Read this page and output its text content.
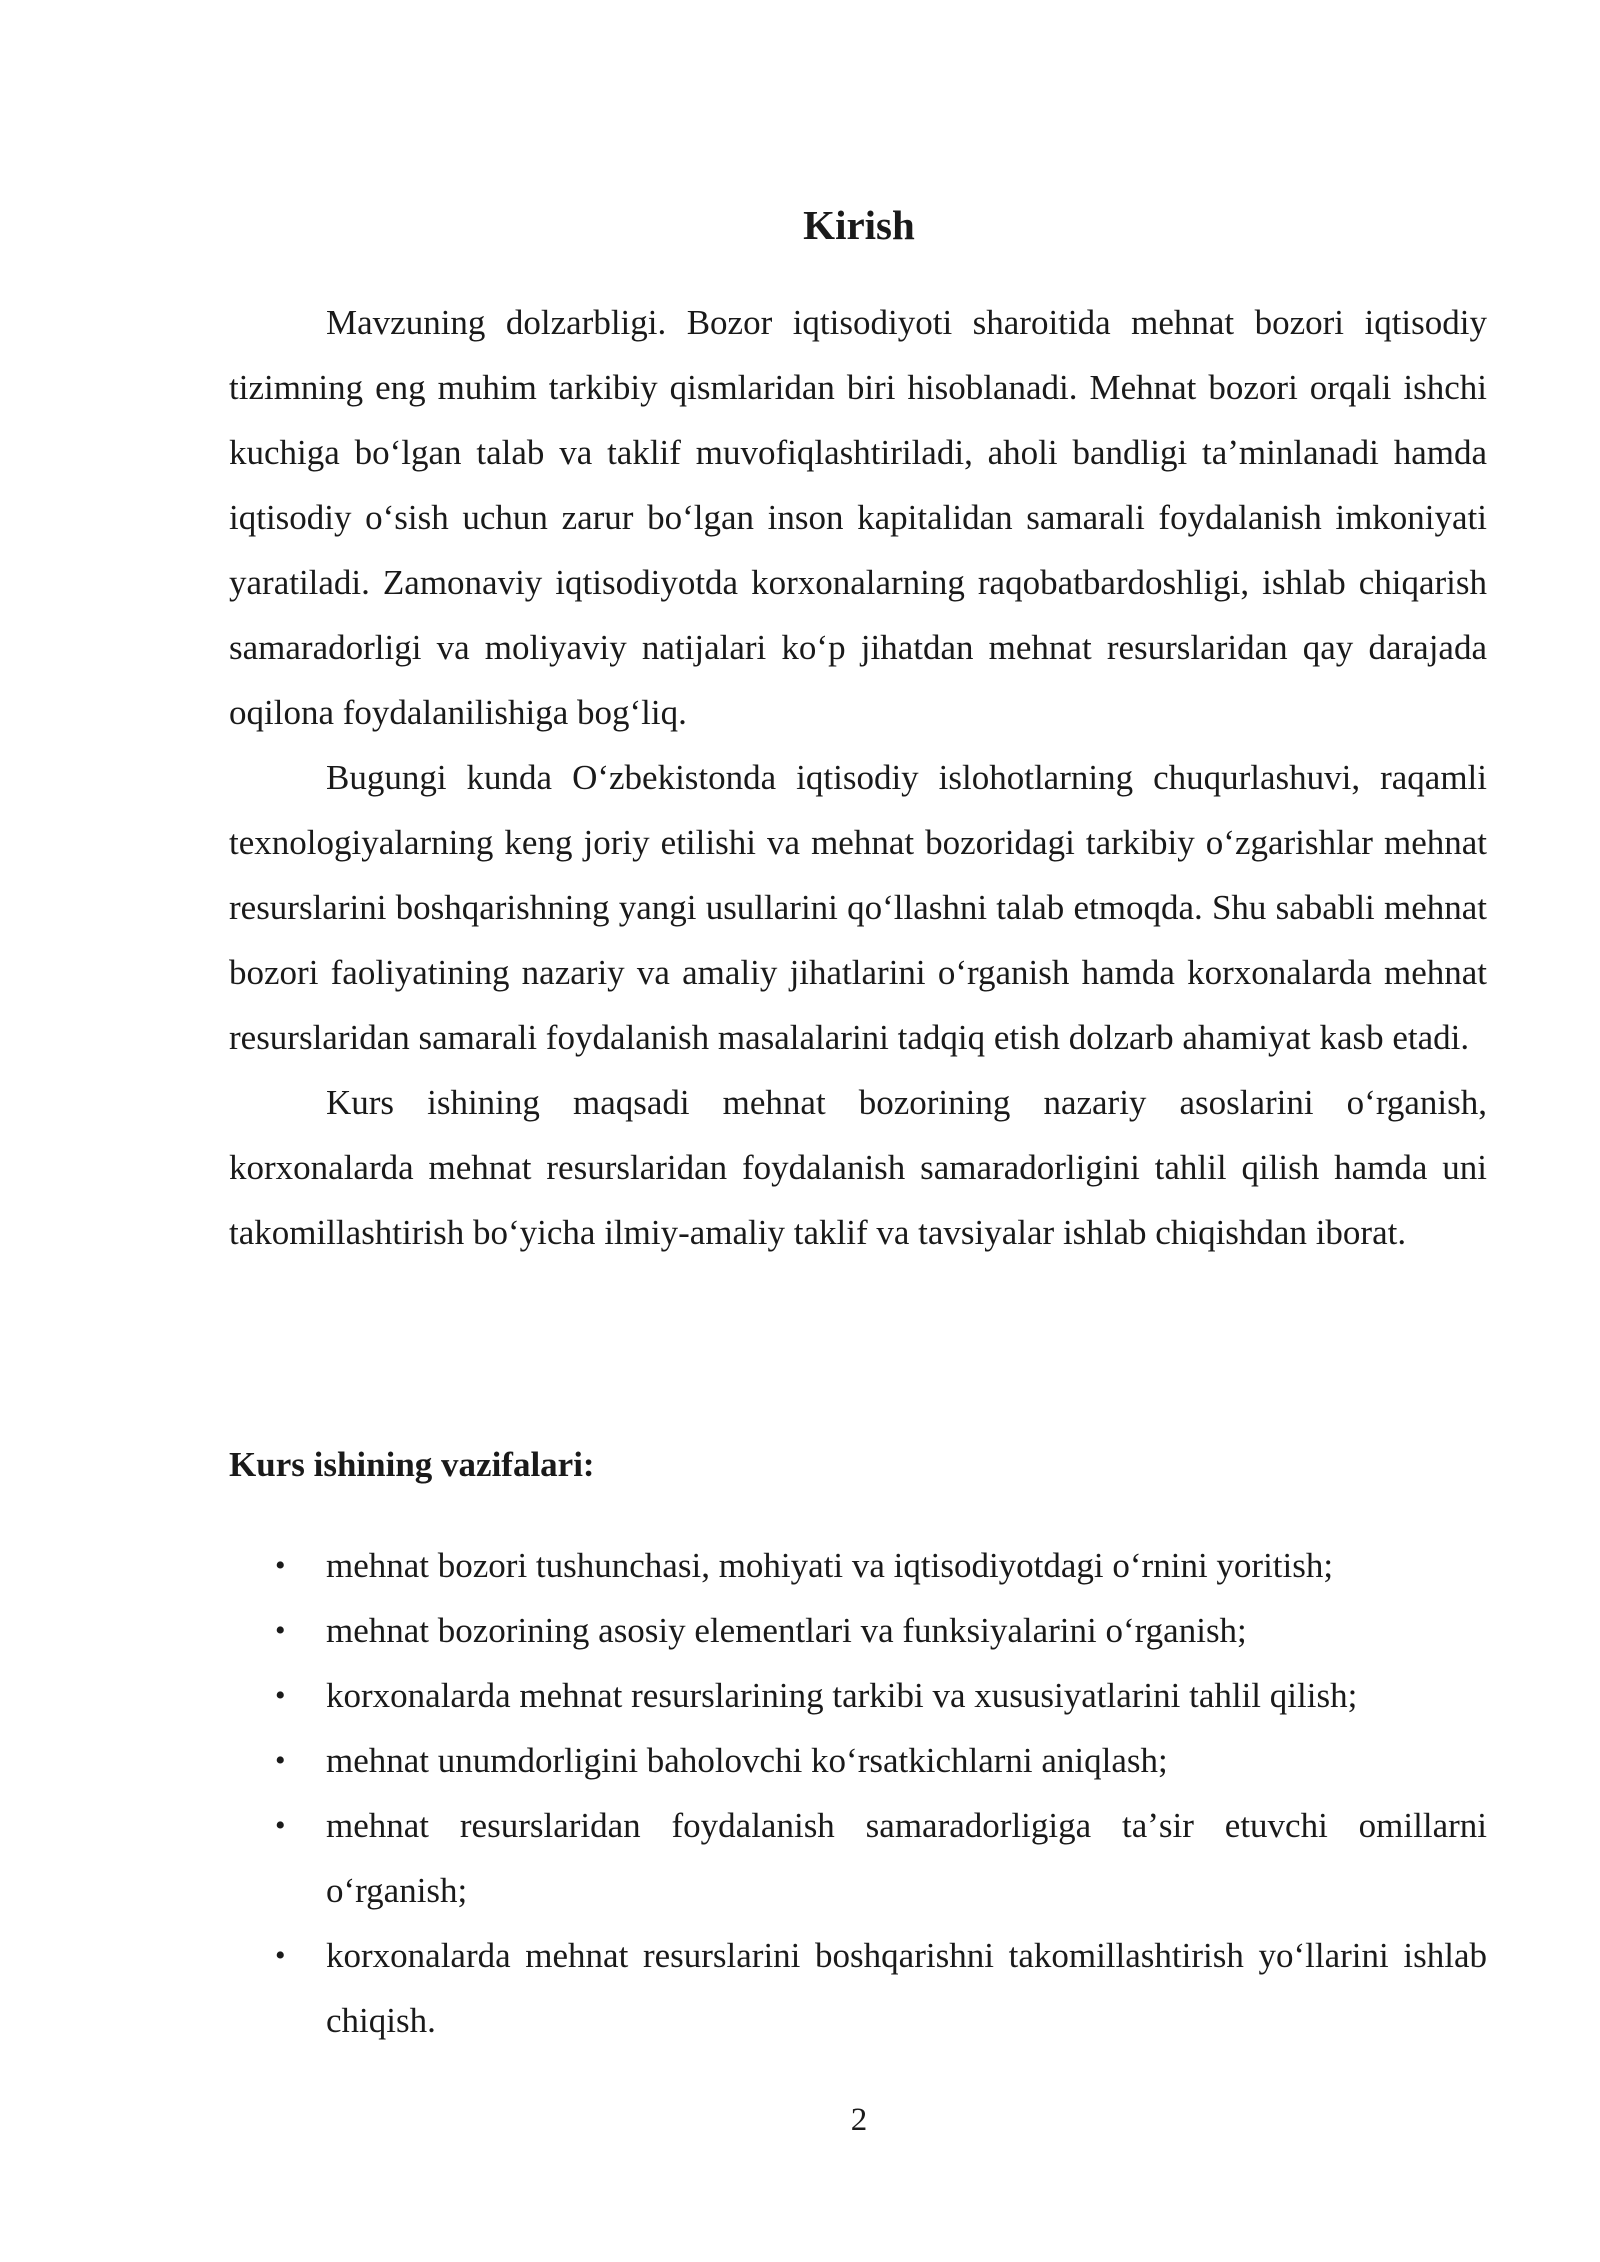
Kirish

Mavzuning dolzarbligi. Bozor iqtisodiyoti sharoitida mehnat bozori iqtisodiy tizimning eng muhim tarkibiy qismlaridan biri hisoblanadi. Mehnat bozori orqali ishchi kuchiga boʻlgan talab va taklif muvofiqlashtiriladi, aholi bandligi taʼminlanadi hamda iqtisodiy oʻsish uchun zarur boʻlgan inson kapitalidan samarali foydalanish imkoniyati yaratiladi. Zamonaviy iqtisodiyotda korxonalarning raqobatbardoshligi, ishlab chiqarish samaradorligi va moliyaviy natijalari koʻp jihatdan mehnat resurslaridan qay darajada oqilona foydalanilishiga bogʻliq.

Bugungi kunda Oʻzbekistonda iqtisodiy islohotlarning chuqurlashuvi, raqamli texnologiyalarning keng joriy etilishi va mehnat bozoridagi tarkibiy oʻzgarishlar mehnat resurslarini boshqarishning yangi usullarini qoʻllashni talab etmoqda. Shu sababli mehnat bozori faoliyatining nazariy va amaliy jihatlarini oʻrganish hamda korxonalarda mehnat resurslaridan samarali foydalanish masalalarini tadqiq etish dolzarb ahamiyat kasb etadi.

Kurs ishining maqsadi mehnat bozorining nazariy asoslarini oʻrganish, korxonalarda mehnat resurslaridan foydalanish samaradorligini tahlil qilish hamda uni takomillashtirish boʻyicha ilmiy-amaliy taklif va tavsiyalar ishlab chiqishdan iborat.

Kurs ishining vazifalari:

• mehnat bozori tushunchasi, mohiyati va iqtisodiyotdagi oʻrnini yoritish;
• mehnat bozorining asosiy elementlari va funksiyalarini oʻrganish;
• korxonalarda mehnat resurslarining tarkibi va xususiyatlarini tahlil qilish;
• mehnat unumdorligini baholovchi koʻrsatkichlarni aniqlash;
• mehnat resurslaridan foydalanish samaradorligiga taʼsir etuvchi omillarni oʻrganish;
• korxonalarda mehnat resurslarini boshqarishni takomillashtirish yoʻllarini ishlab chiqish.

2
